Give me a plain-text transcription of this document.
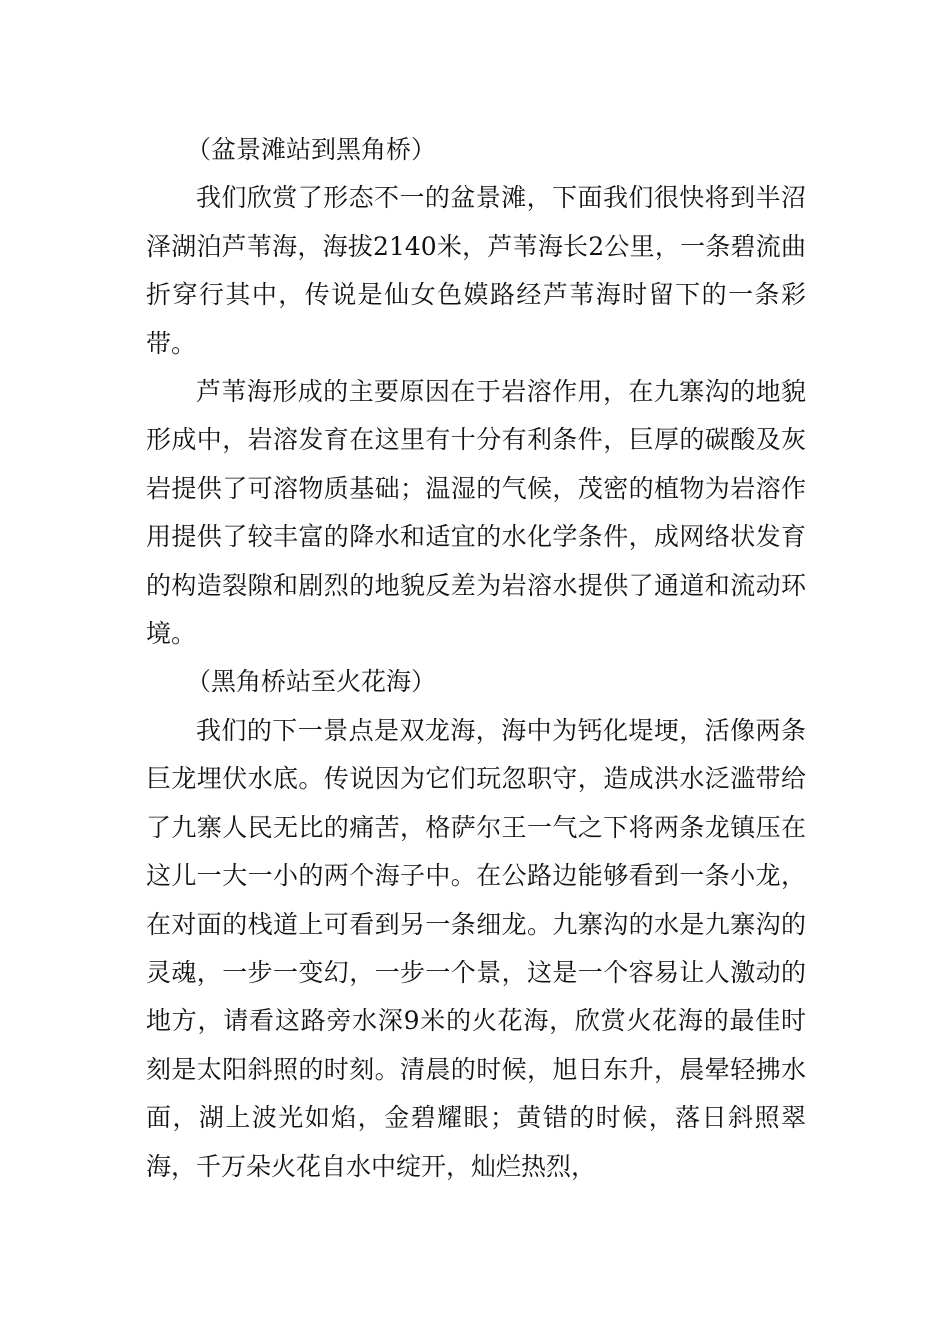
（盆景滩站到黑角桥）

我们欣赏了形态不一的盆景滩，下面我们很快将到半沼泽湖泊芦苇海，海拔2140米，芦苇海长2公里，一条碧流曲折穿行其中，传说是仙女色嫫路经芦苇海时留下的一条彩带。

芦苇海形成的主要原因在于岩溶作用，在九寨沟的地貌形成中，岩溶发育在这里有十分有利条件，巨厚的碳酸及灰岩提供了可溶物质基础；温湿的气候，茂密的植物为岩溶作用提供了较丰富的降水和适宜的水化学条件，成网络状发育的构造裂隙和剧烈的地貌反差为岩溶水提供了通道和流动环境。

（黑角桥站至火花海）

我们的下一景点是双龙海，海中为钙化堤埂，活像两条巨龙埋伏水底。传说因为它们玩忽职守，造成洪水泛滥带给了九寨人民无比的痛苦，格萨尔王一气之下将两条龙镇压在这儿一大一小的两个海子中。在公路边能够看到一条小龙，在对面的栈道上可看到另一条细龙。九寨沟的水是九寨沟的灵魂，一步一变幻，一步一个景，这是一个容易让人激动的地方，请看这路旁水深9米的火花海，欣赏火花海的最佳时刻是太阳斜照的时刻。清晨的时候，旭日东升，晨晕轻拂水面，湖上波光如焰，金碧耀眼；黄错的时候，落日斜照翠海，千万朵火花自水中绽开，灿烂热烈，
